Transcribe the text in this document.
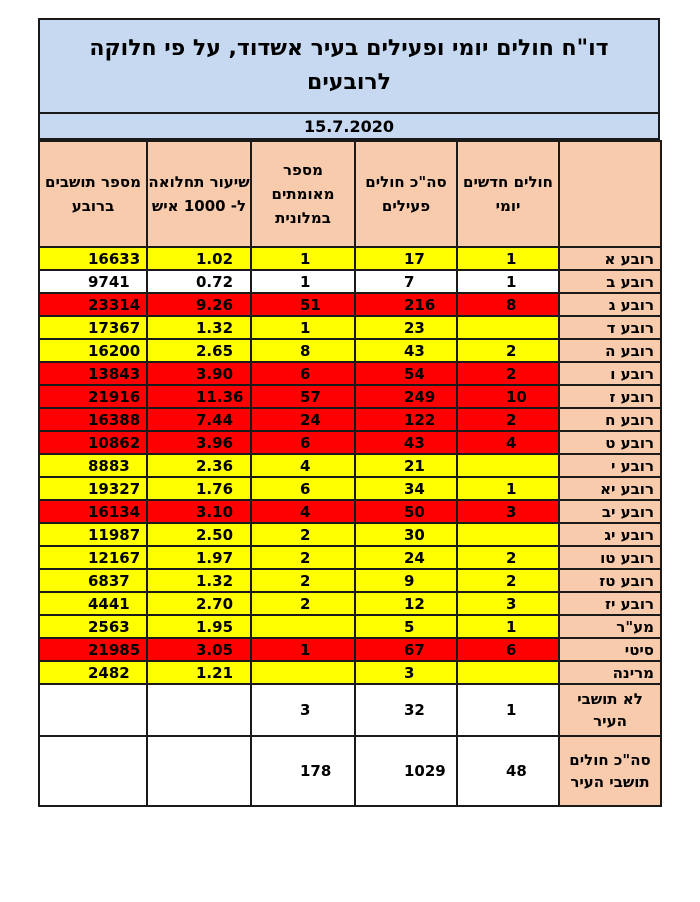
דו"ח חולים יומי ופעילים בעיר אשדוד, על פי חלוקה לרובעים
15.7.2020
	חולים חדשים יומי	סה"כ חולים פעילים	מספר מאומתים במלונית	שיעור תחלואה ל- 1000 איש	מספר תושבים ברובע
רובע א	1	17	1	1.02	16633

רובע ב	1	7	1	0.72	9741

רובע ג	8	216	51	9.26	23314

רובע ד		23	1	1.32	17367

רובע ה	2	43	8	2.65	16200

רובע ו	2	54	6	3.90	13843

רובע ז	10	249	57	11.36	21916

רובע ח	2	122	24	7.44	16388

רובע ט	4	43	6	3.96	10862

רובע י		21	4	2.36	8883

רובע יא	1	34	6	1.76	19327

רובע יב	3	50	4	3.10	16134

רובע יג		30	2	2.50	11987

רובע טו	2	24	2	1.97	12167

רובע טז	2	9	2	1.32	6837

רובע יז	3	12	2	2.70	4441

מע"ר	1	5		1.95	2563

סיטי	6	67	1	3.05	21985

מרינה		3		1.21	2482

לא תושבי העיר	1	32	3		

סה"כ חולים תושבי העיר	48	1029	178		
